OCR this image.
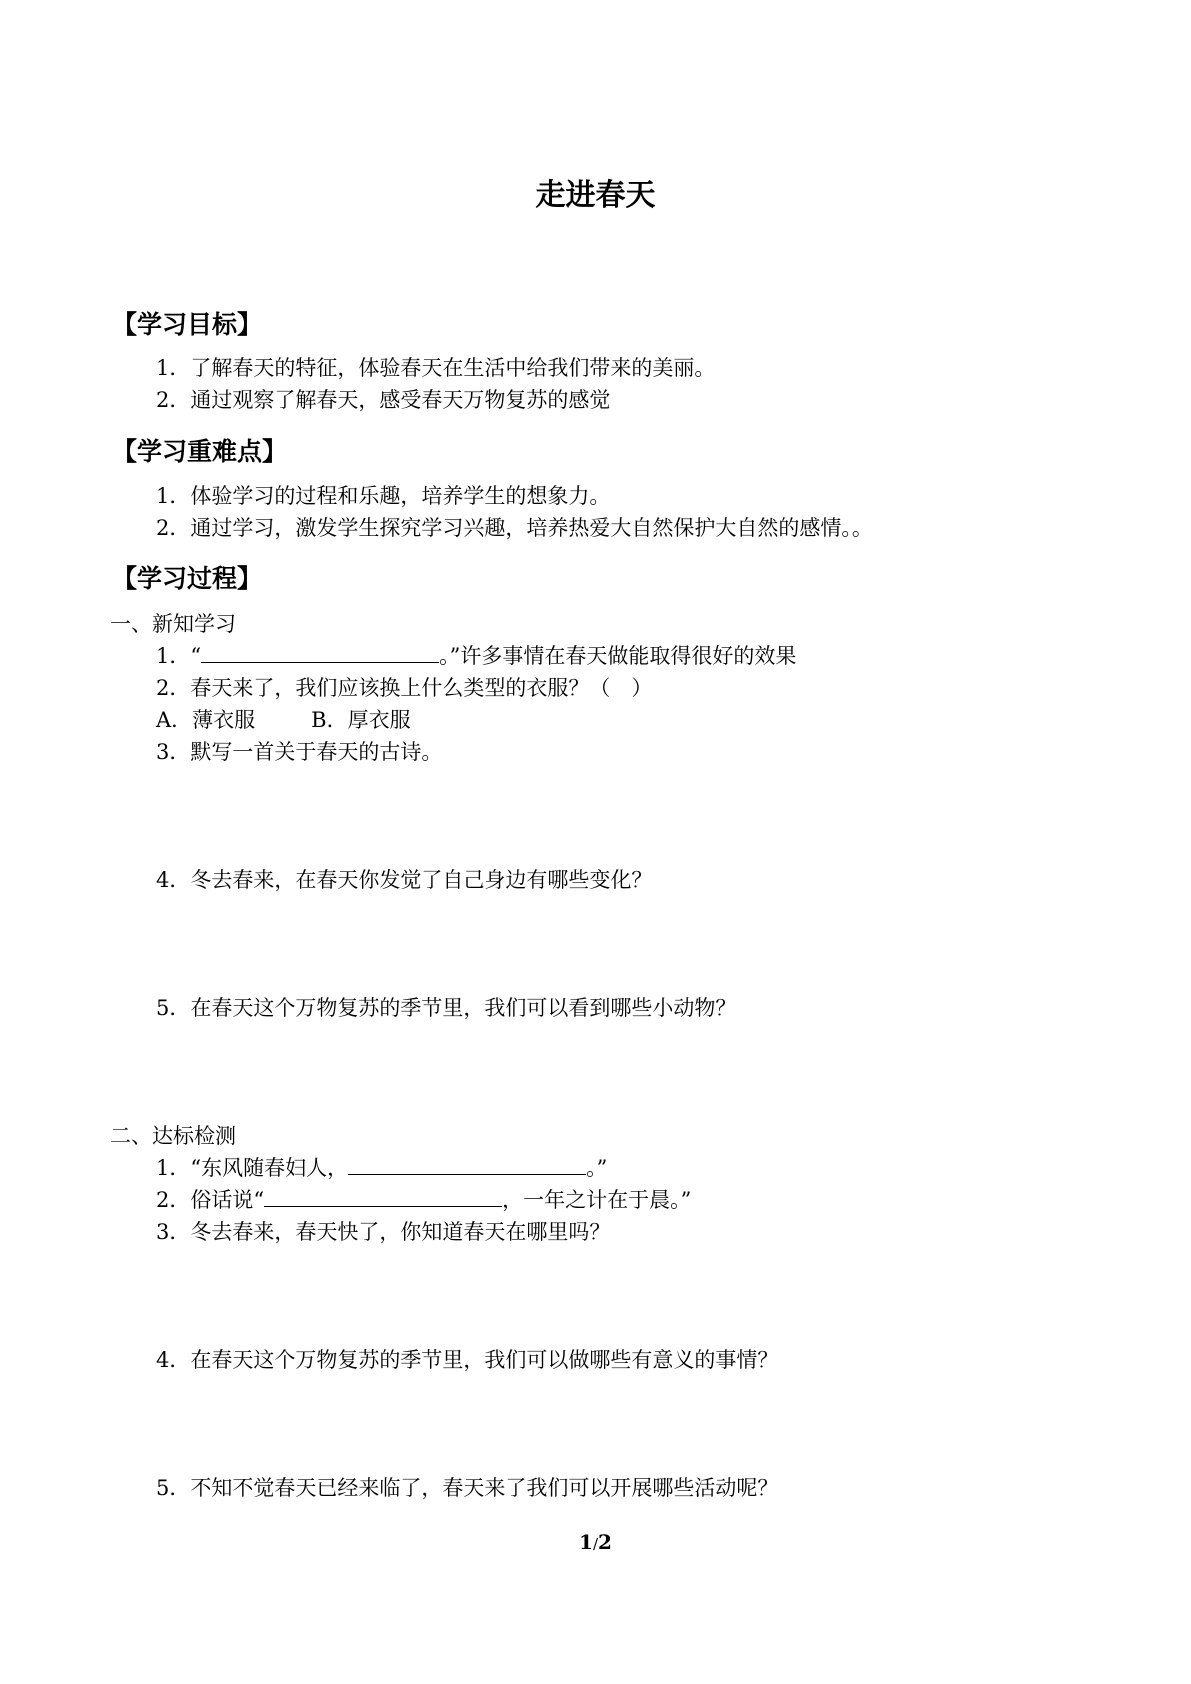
走进春天
【学习目标】
1．了解春天的特征，体验春天在生活中给我们带来的美丽。
2．通过观察了解春天，感受春天万物复苏的感觉
【学习重难点】
1．体验学习的过程和乐趣，培养学生的想象力。
2．通过学习，激发学生探究学习兴趣，培养热爱大自然保护大自然的感情。。
【学习过程】
一、新知学习
1．“	。”许多事情在春天做能取得很好的效果
2．春天来了，我们应该换上什么类型的衣服？（　）
A．薄衣服	B．厚衣服
3．默写一首关于春天的古诗。
4．冬去春来，在春天你发觉了自己身边有哪些变化？
5．在春天这个万物复苏的季节里，我们可以看到哪些小动物？
二、达标检测
1．“东风随春妇人，	。”
2．俗话说“	，一年之计在于晨。”
3．冬去春来，春天快了，你知道春天在哪里吗？
4．在春天这个万物复苏的季节里，我们可以做哪些有意义的事情？
5．不知不觉春天已经来临了，春天来了我们可以开展哪些活动呢？
1/2
